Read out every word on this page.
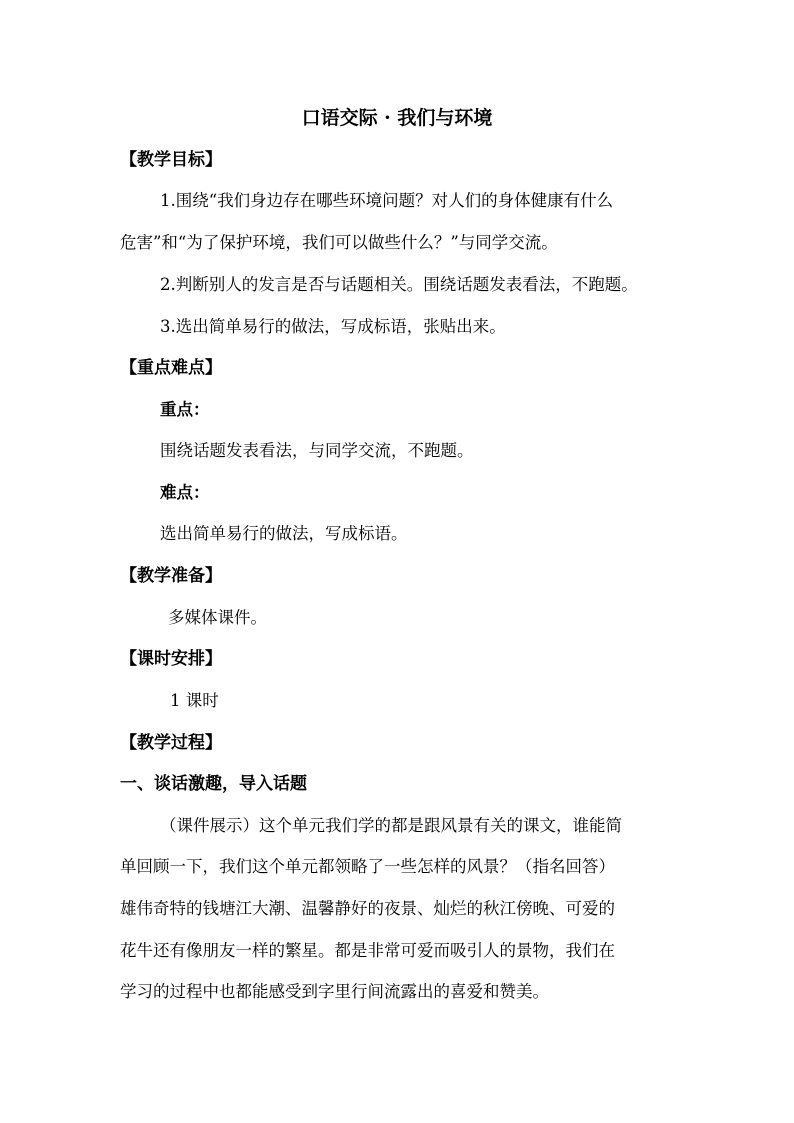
口语交际 · 我们与环境
【教学目标】
1.围绕“我们身边存在哪些环境问题？对人们的身体健康有什么
危害”和“为了保护环境，我们可以做些什么？”与同学交流。
2.判断别人的发言是否与话题相关。围绕话题发表看法，不跑题。
3.选出简单易行的做法，写成标语，张贴出来。
【重点难点】
重点：
围绕话题发表看法，与同学交流，不跑题。
难点：
选出简单易行的做法，写成标语。
【教学准备】
多媒体课件。
【课时安排】
1 课时
【教学过程】
一、谈话激趣，导入话题
（课件展示）这个单元我们学的都是跟风景有关的课文，谁能简
单回顾一下，我们这个单元都领略了一些怎样的风景？（指名回答）
雄伟奇特的钱塘江大潮、温馨静好的夜景、灿烂的秋江傍晚、可爱的
花牛还有像朋友一样的繁星。都是非常可爱而吸引人的景物，我们在
学习的过程中也都能感受到字里行间流露出的喜爱和赞美。
